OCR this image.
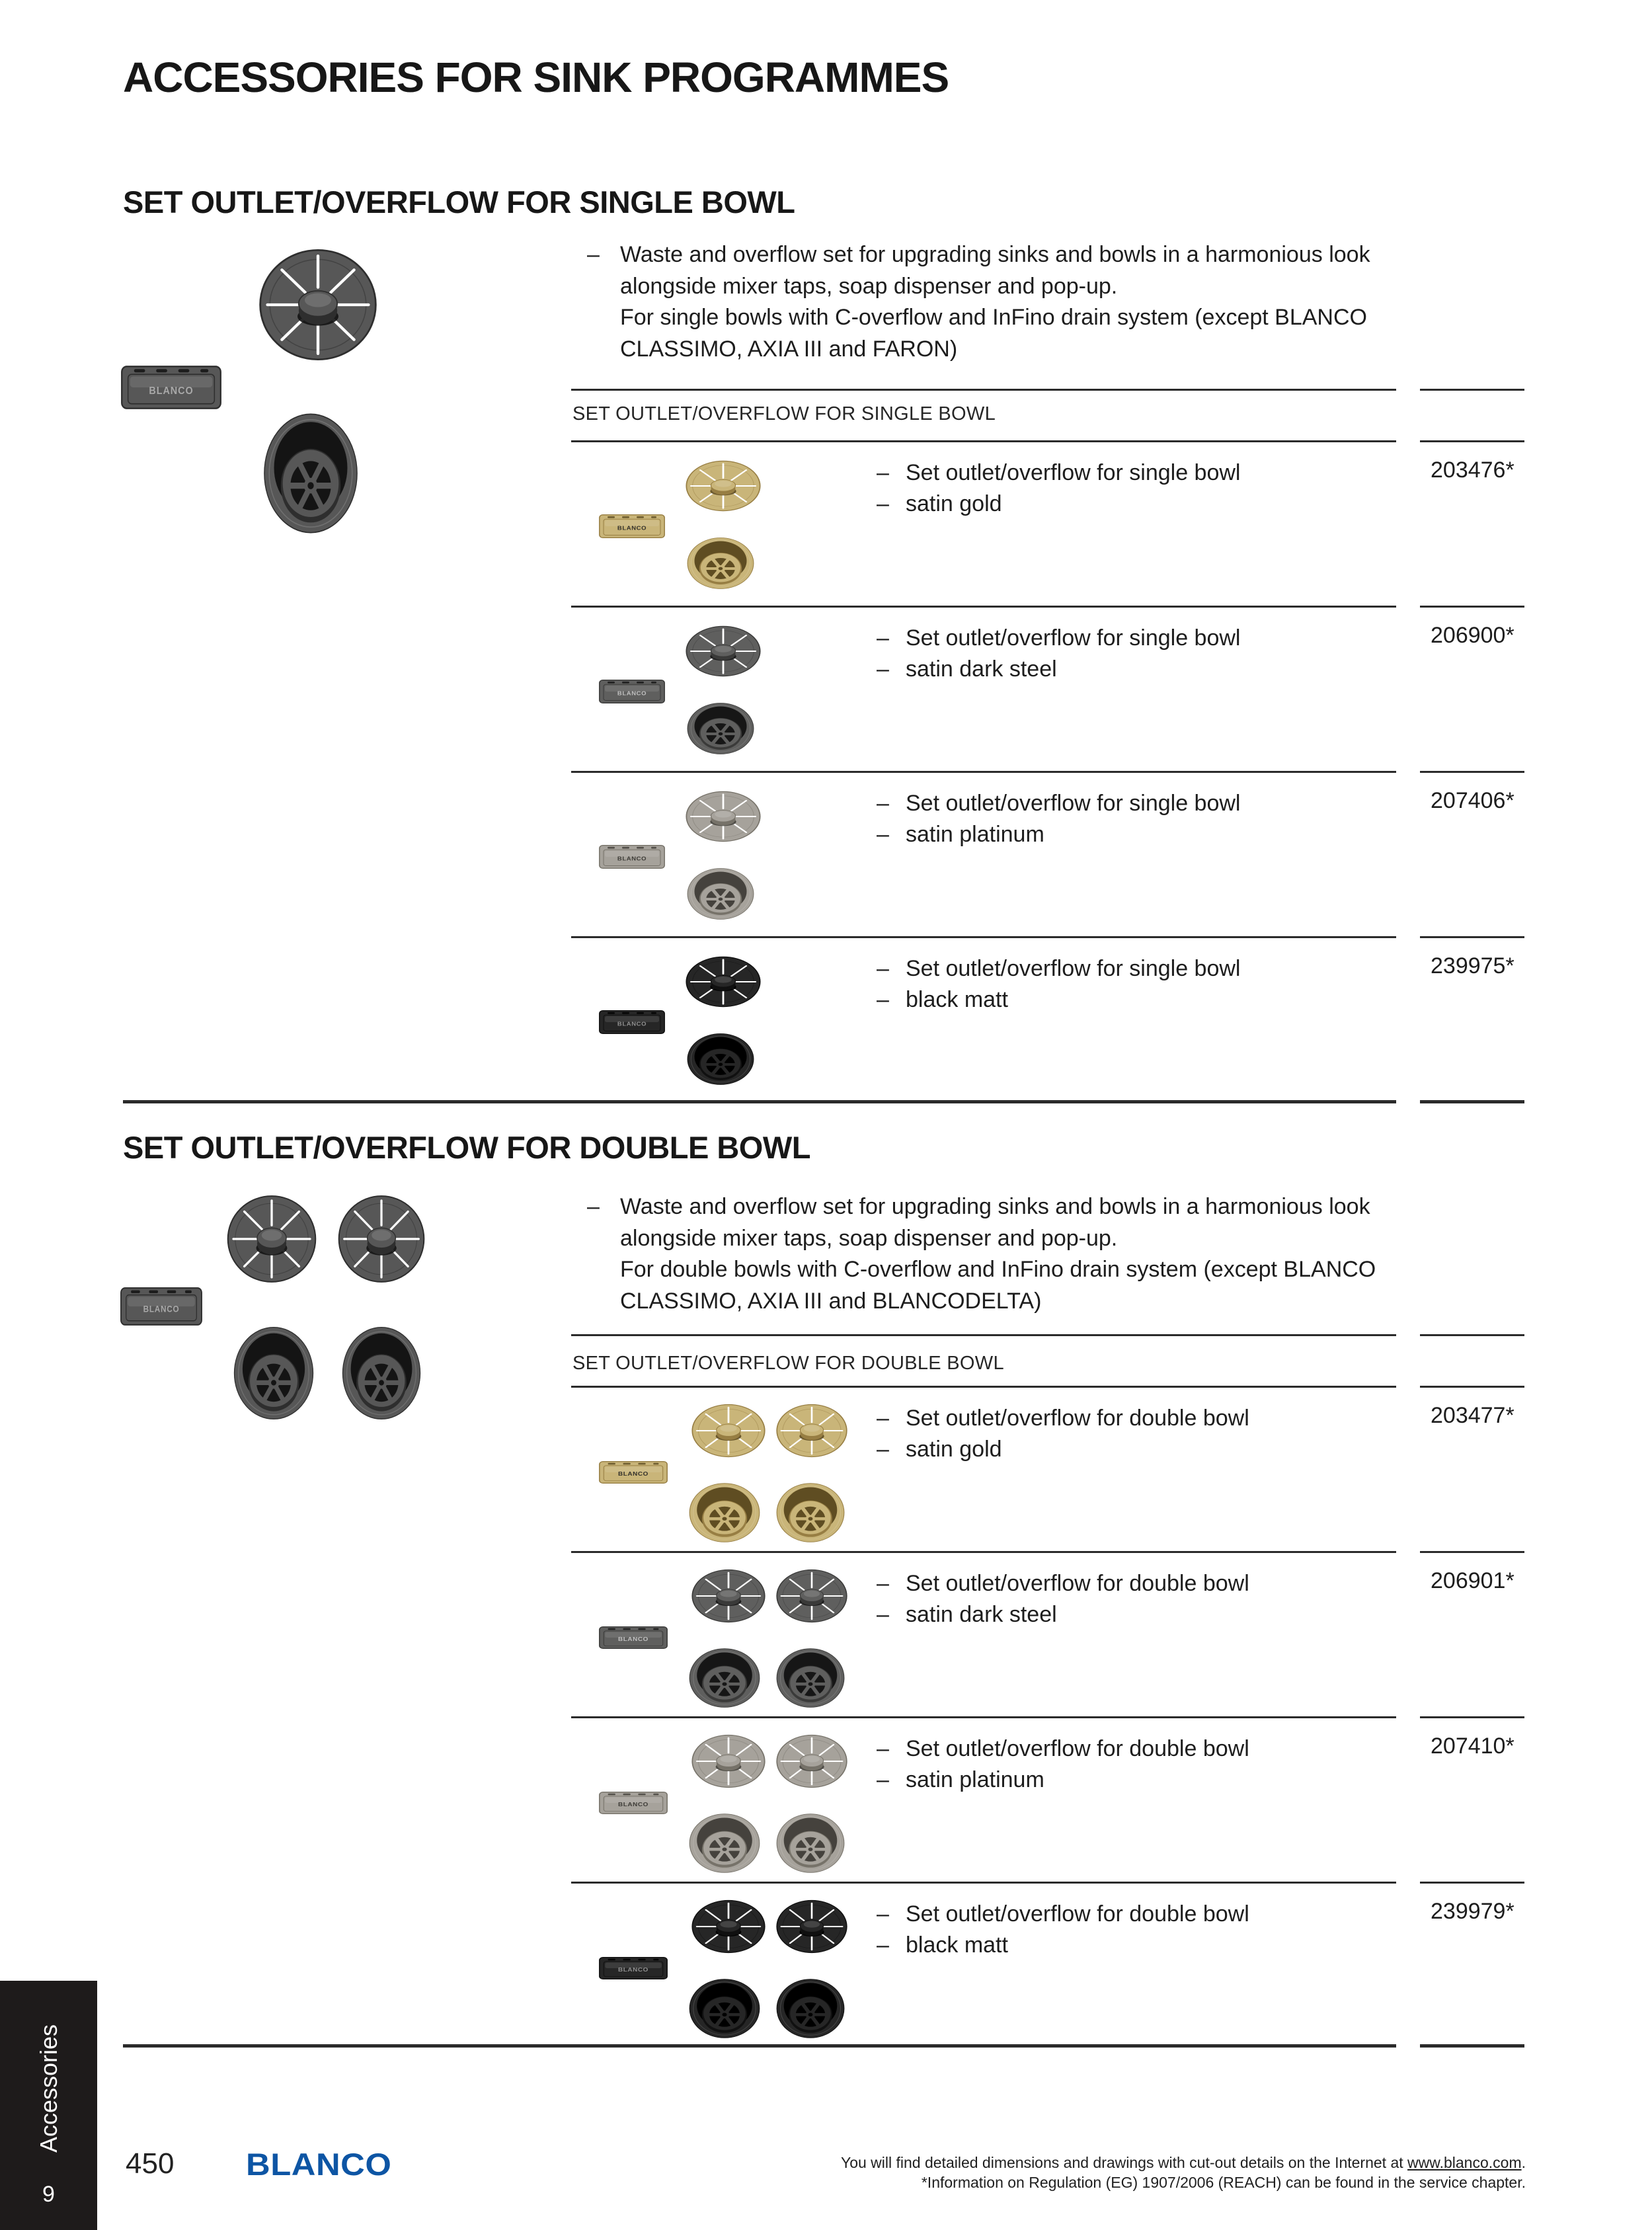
ACCESSORIES FOR SINK PROGRAMMES
SET OUTLET/OVERFLOW FOR SINGLE BOWL
– Waste and overflow set for upgrading sinks and bowls in a harmonious look
alongside mixer taps, soap dispenser and pop-up.
For single bowls with C-overflow and InFino drain system (except BLANCO
CLASSIMO, AXIA III and FARON)
SET OUTLET/OVERFLOW FOR SINGLE BOWL
– Set outlet/overflow for single bowl
– satin gold
203476*
– Set outlet/overflow for single bowl
– satin dark steel
206900*
– Set outlet/overflow for single bowl
– satin platinum
207406*
– Set outlet/overflow for single bowl
– black matt
239975*
SET OUTLET/OVERFLOW FOR DOUBLE BOWL
– Waste and overflow set for upgrading sinks and bowls in a harmonious look
alongside mixer taps, soap dispenser and pop-up.
For double bowls with C-overflow and InFino drain system (except BLANCO
CLASSIMO, AXIA III and BLANCODELTA)
SET OUTLET/OVERFLOW FOR DOUBLE BOWL
– Set outlet/overflow for double bowl
– satin gold
203477*
– Set outlet/overflow for double bowl
– satin dark steel
206901*
– Set outlet/overflow for double bowl
– satin platinum
207410*
– Set outlet/overflow for double bowl
– black matt
239979*
450 BLANCO	You will find detailed dimensions and drawings with cut-out details on the Internet at www.blanco.com.
*Information on Regulation (EG) 1907/2006 (REACH) can be found in the service chapter.
Accessories
9
